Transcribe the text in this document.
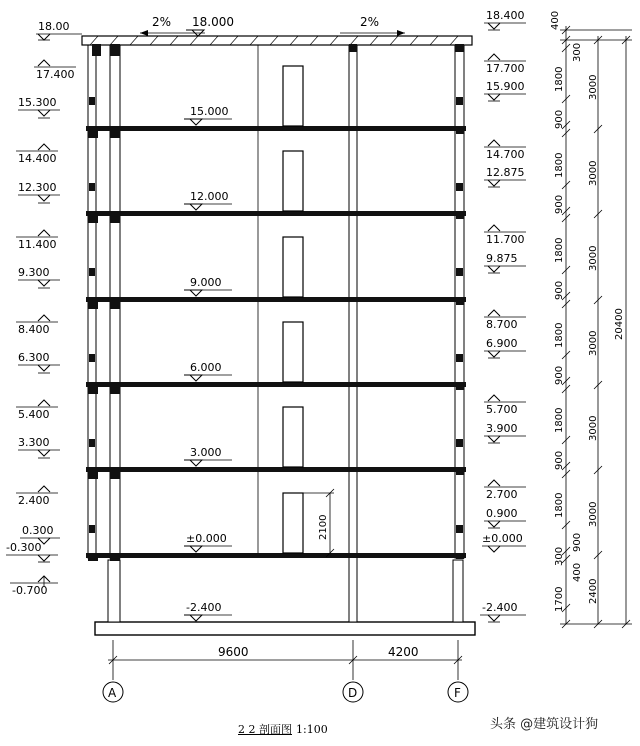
2100
2% 18.000	2%
15.000
12.000
9.000
6.000
3.000
±0.000
-2.400
18.00
17.400
15.300
14.400
12.300
11.400
9.300
8.400
6.300
5.400
3.300
2.400
0.300
-0.300
-0.700
18.400
17.700
15.900
14.700
12.875
11.700
9.875
8.700
6.900
5.700
3.900
2.700
0.900
±0.000
-2.400
400
300
1800
900
1800
900
1800
900
1800
900
1800
900
1800
900
300
1700
400
3000
3000
3000
3000
3000
3000
2400
20400
9600	4200
A	D	F
2 2 剖面图 1:100	头条 @建筑设计狗
